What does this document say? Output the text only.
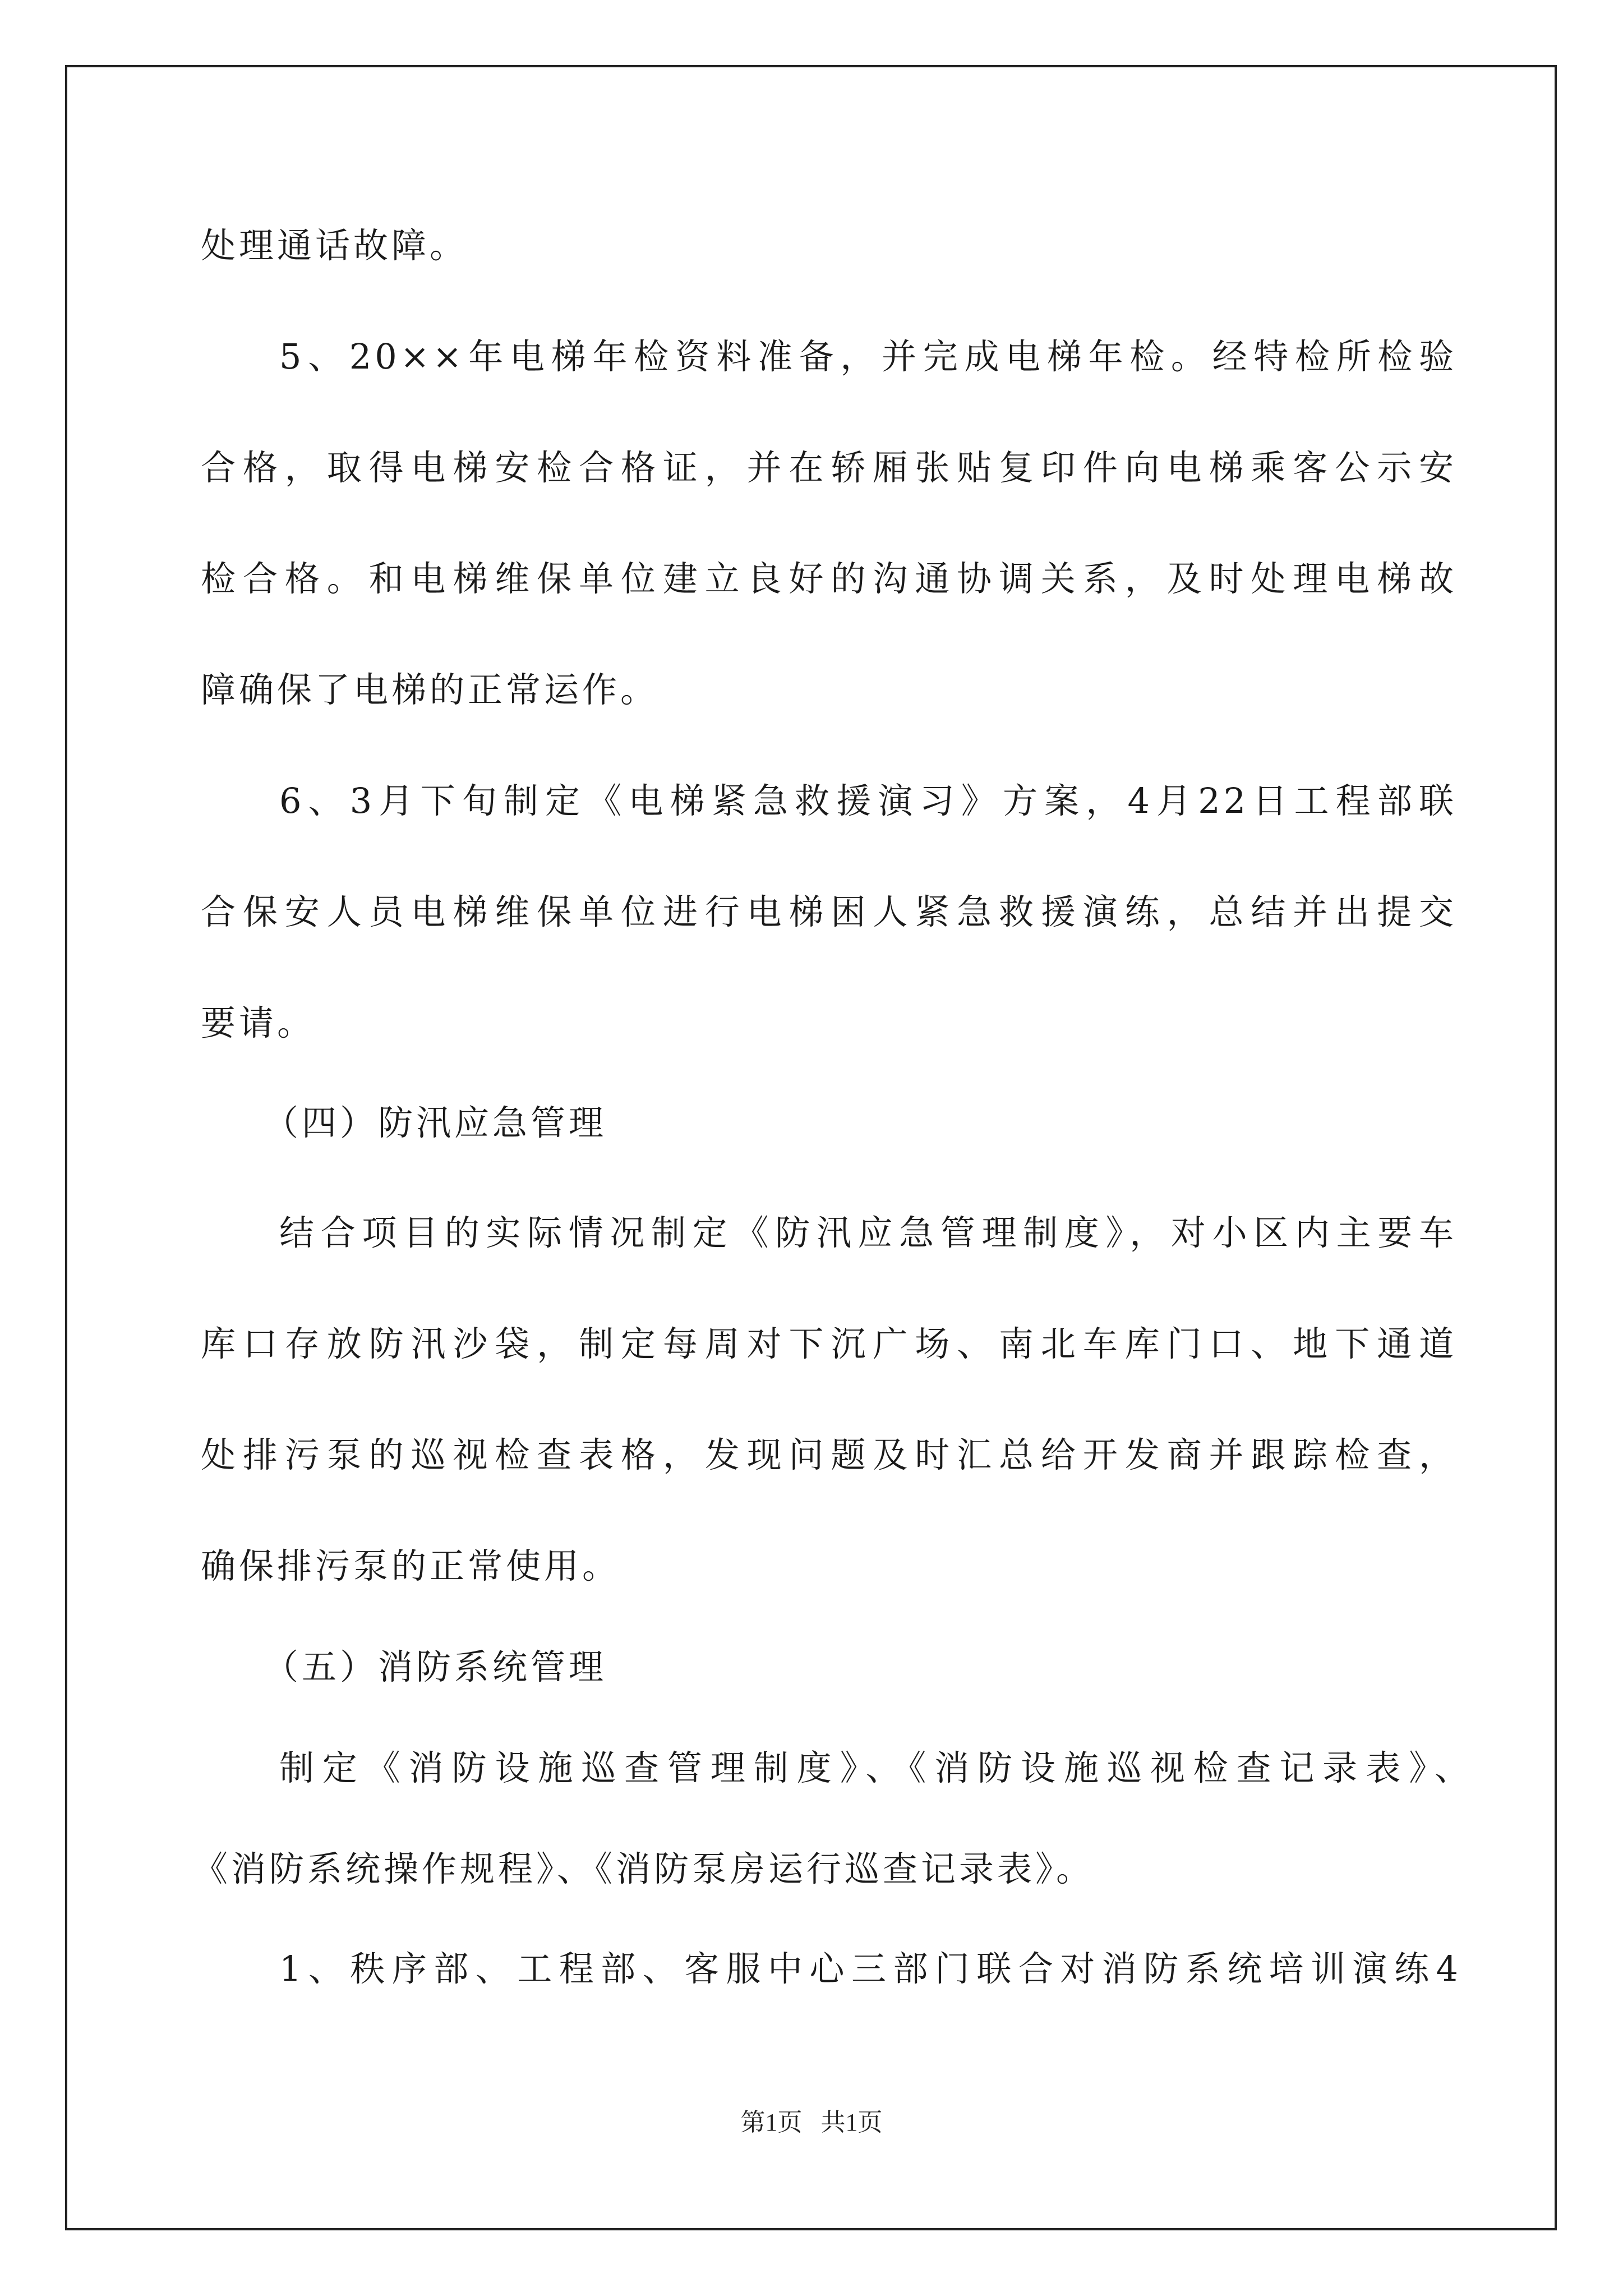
处理通话故障。
5、20××年电梯年检资料准备，并完成电梯年检。经特检所检验
合格，取得电梯安检合格证，并在轿厢张贴复印件向电梯乘客公示安
检合格。和电梯维保单位建立良好的沟通协调关系，及时处理电梯故
障确保了电梯的正常运作。
6、3月下旬制定《电梯紧急救援演习》方案，4月22日工程部联
合保安人员电梯维保单位进行电梯困人紧急救援演练，总结并出提交
要请。
（四）防汛应急管理
结合项目的实际情况制定《防汛应急管理制度》，对小区内主要车
库口存放防汛沙袋，制定每周对下沉广场、南北车库门口、地下通道
处排污泵的巡视检查表格，发现问题及时汇总给开发商并跟踪检查，
确保排污泵的正常使用。
（五）消防系统管理
制定《消防设施巡查管理制度》、《消防设施巡视检查记录表》、
《消防系统操作规程》、《消防泵房运行巡查记录表》。
1、秩序部、工程部、客服中心三部门联合对消防系统培训演练4
第1页   共1页
